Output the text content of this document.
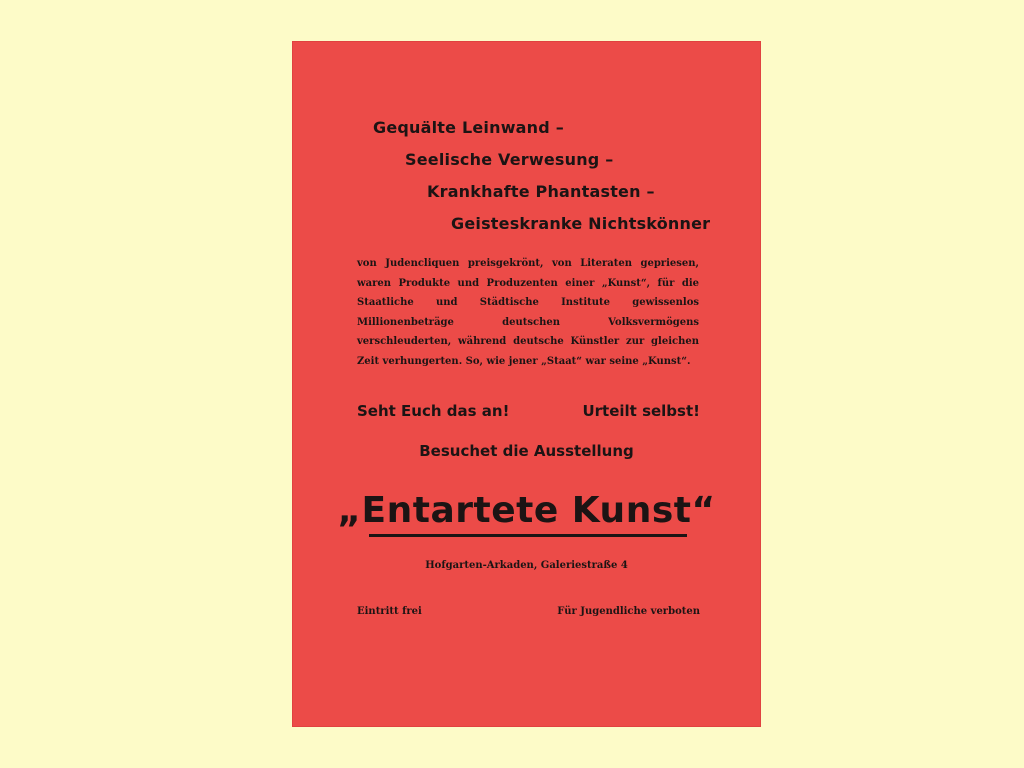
Gequälte Leinwand –
Seelische Verwesung –
Krankhafte Phantasten –
Geisteskranke Nichtskönner
von Judencliquen preisgekrönt, von Literaten gepriesen, waren Produkte und Produzenten einer „Kunst“, für die Staatliche und Städtische Institute gewissenlos Millionenbeträge deutschen Volksvermögens verschleuderten, während deutsche Künstler zur gleichen Zeit verhungerten. So, wie jener „Staat“ war seine „Kunst“.
Seht Euch das an!	Urteilt selbst!
Besuchet die Ausstellung
„Entartete Kunst“
Hofgarten-Arkaden, Galeriestraße 4
Eintritt frei	Für Jugendliche verboten
